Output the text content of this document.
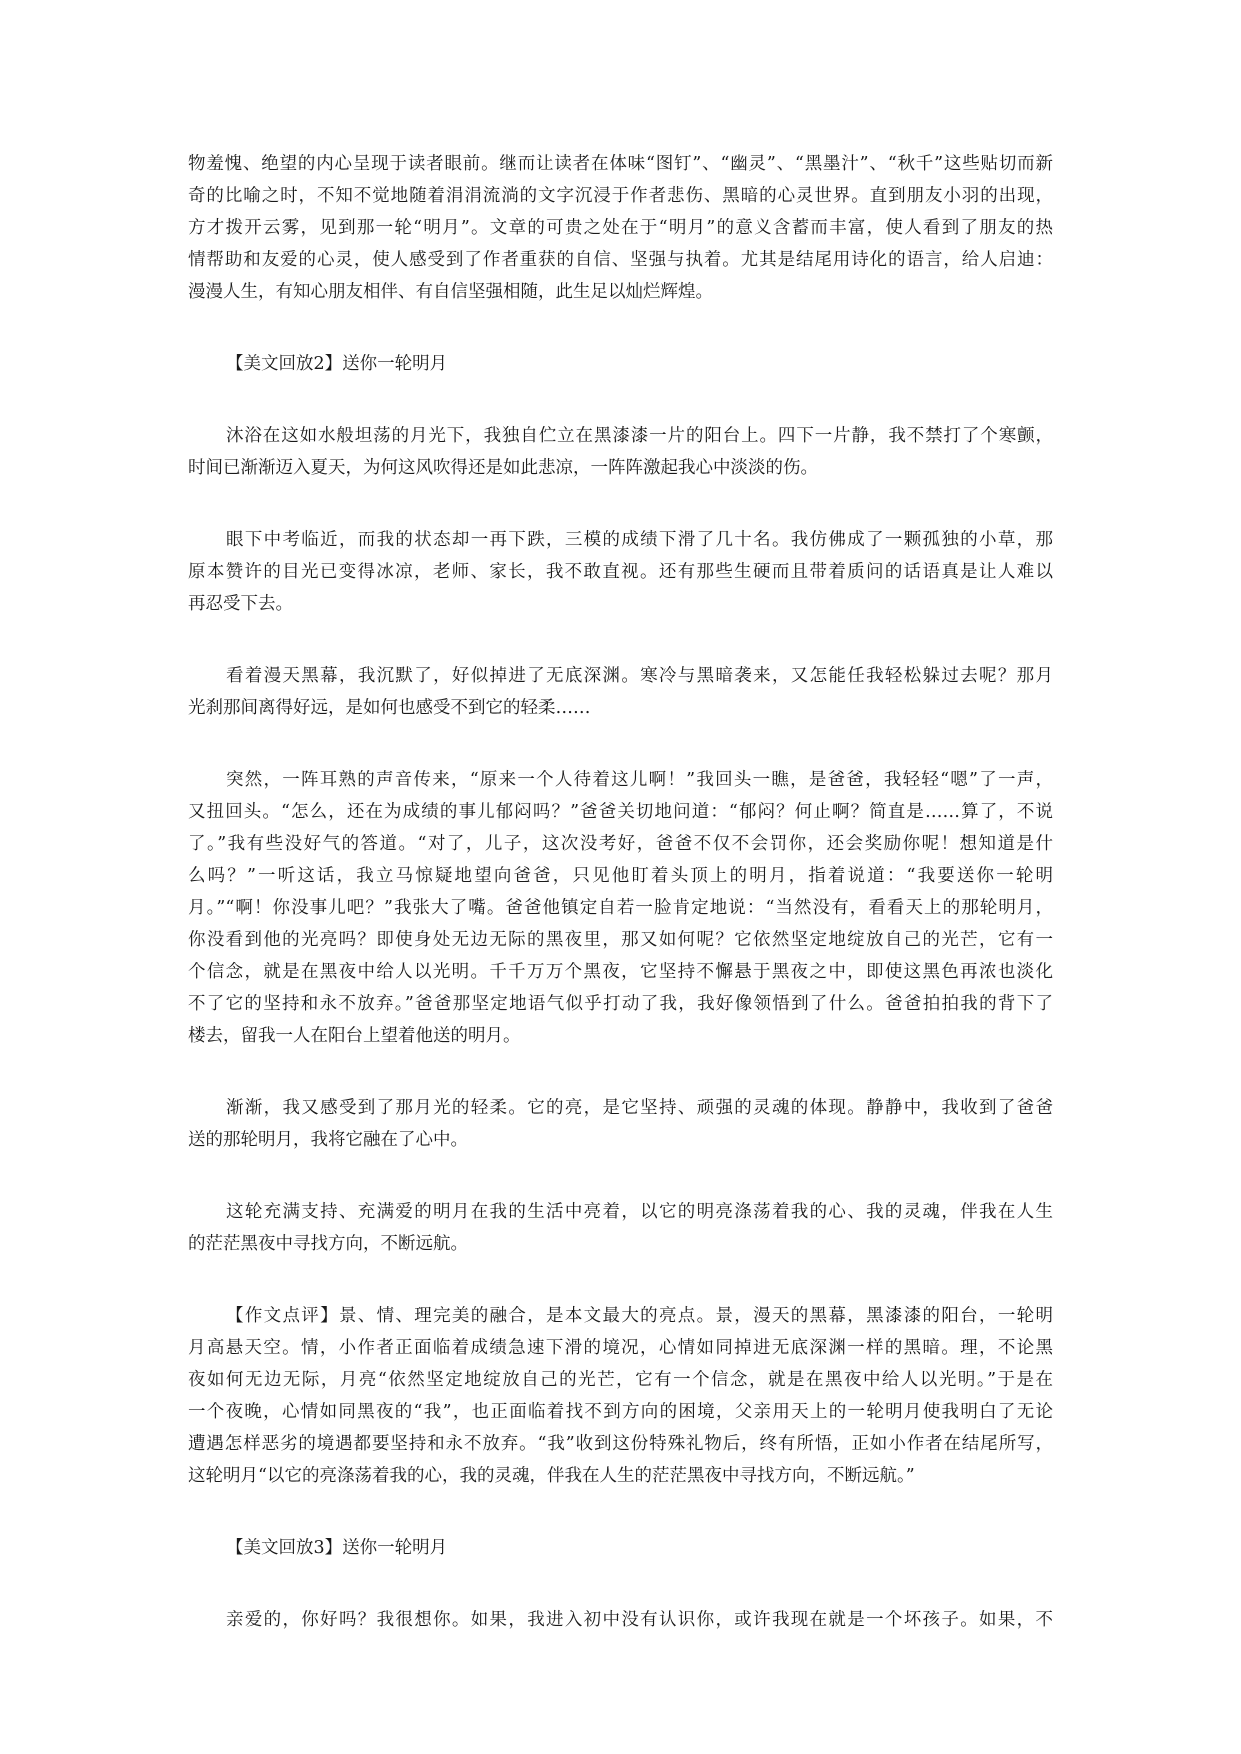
物羞愧、绝望的内心呈现于读者眼前。继而让读者在体味“图钉”、“幽灵”、“黑墨汁”、“秋千”这些贴切而新
奇的比喻之时，不知不觉地随着涓涓流淌的文字沉浸于作者悲伤、黑暗的心灵世界。直到朋友小羽的出现，
方才拨开云雾，见到那一轮“明月”。文章的可贵之处在于“明月”的意义含蓄而丰富，使人看到了朋友的热
情帮助和友爱的心灵，使人感受到了作者重获的自信、坚强与执着。尤其是结尾用诗化的语言，给人启迪：
漫漫人生，有知心朋友相伴、有自信坚强相随，此生足以灿烂辉煌。
【美文回放2】送你一轮明月
沐浴在这如水般坦荡的月光下，我独自伫立在黑漆漆一片的阳台上。四下一片静，我不禁打了个寒颤，
时间已渐渐迈入夏天，为何这风吹得还是如此悲凉，一阵阵激起我心中淡淡的伤。
眼下中考临近，而我的状态却一再下跌，三模的成绩下滑了几十名。我仿佛成了一颗孤独的小草，那
原本赞许的目光已变得冰凉，老师、家长，我不敢直视。还有那些生硬而且带着质问的话语真是让人难以
再忍受下去。
看着漫天黑幕，我沉默了，好似掉进了无底深渊。寒冷与黑暗袭来，又怎能任我轻松躲过去呢？那月
光刹那间离得好远，是如何也感受不到它的轻柔……
突然，一阵耳熟的声音传来，“原来一个人待着这儿啊！”我回头一瞧，是爸爸，我轻轻“嗯”了一声，
又扭回头。“怎么，还在为成绩的事儿郁闷吗？”爸爸关切地问道：“郁闷？何止啊？简直是……算了，不说
了。”我有些没好气的答道。“对了，儿子，这次没考好，爸爸不仅不会罚你，还会奖励你呢！想知道是什
么吗？”一听这话，我立马惊疑地望向爸爸，只见他盯着头顶上的明月，指着说道：“我要送你一轮明
月。”“啊！你没事儿吧？”我张大了嘴。爸爸他镇定自若一脸肯定地说：“当然没有，看看天上的那轮明月，
你没看到他的光亮吗？即使身处无边无际的黑夜里，那又如何呢？它依然坚定地绽放自己的光芒，它有一
个信念，就是在黑夜中给人以光明。千千万万个黑夜，它坚持不懈悬于黑夜之中，即使这黑色再浓也淡化
不了它的坚持和永不放弃。”爸爸那坚定地语气似乎打动了我，我好像领悟到了什么。爸爸拍拍我的背下了
楼去，留我一人在阳台上望着他送的明月。
渐渐，我又感受到了那月光的轻柔。它的亮，是它坚持、顽强的灵魂的体现。静静中，我收到了爸爸
送的那轮明月，我将它融在了心中。
这轮充满支持、充满爱的明月在我的生活中亮着，以它的明亮涤荡着我的心、我的灵魂，伴我在人生
的茫茫黑夜中寻找方向，不断远航。
【作文点评】景、情、理完美的融合，是本文最大的亮点。景，漫天的黑幕，黑漆漆的阳台，一轮明
月高悬天空。情，小作者正面临着成绩急速下滑的境况，心情如同掉进无底深渊一样的黑暗。理，不论黑
夜如何无边无际，月亮“依然坚定地绽放自己的光芒，它有一个信念，就是在黑夜中给人以光明。”于是在
一个夜晚，心情如同黑夜的“我”，也正面临着找不到方向的困境，父亲用天上的一轮明月使我明白了无论
遭遇怎样恶劣的境遇都要坚持和永不放弃。“我”收到这份特殊礼物后，终有所悟，正如小作者在结尾所写，
这轮明月“以它的亮涤荡着我的心，我的灵魂，伴我在人生的茫茫黑夜中寻找方向，不断远航。”
【美文回放3】送你一轮明月
亲爱的，你好吗？我很想你。如果，我进入初中没有认识你，或许我现在就是一个坏孩子。如果，不
